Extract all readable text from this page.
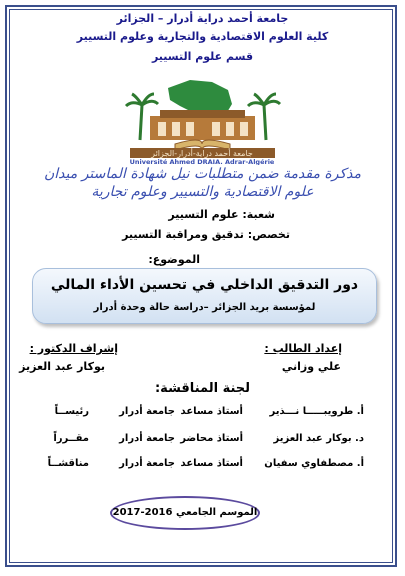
جامعة أحمد دراية أدرار – الجزائر
كلية العلوم الاقتصادية والتجارية وعلوم التسيير
قسم علوم التسيير
جامعة أحمد دراية-أدرار-الجزائر
Université Ahmed DRAIA. Adrar-Algérie
مذكرة مقدمة ضمن متطلبات نيل شهادة الماستر ميدان
علوم الاقتصادية والتسيير وعلوم تجارية
شعبة: علوم التسيير
تخصص: تدقيق ومراقبة التسيير
الموضوع:
دور التدقيق الداخلي في تحسين الأداء المالي
لمؤسسة بريد الجزائر –دراسة حالة وحدة أدرار
إعداد الطالب :
إشراف الدكتور :
علي وزاني
بوكار عبد العزيز
لجنة المناقشة:
أ. طرويبـــــا نـــذير
أستاذ مساعد
جامعة أدرار
رئيســاً
د. بوكار عبد العزيز
أستاذ محاضر
جامعة أدرار
مقــرراً
أ. مصطفاوي سفيان
أستاذ مساعد
جامعة أدرار
مناقشــاً
الموسم الجامعي 2016-2017
